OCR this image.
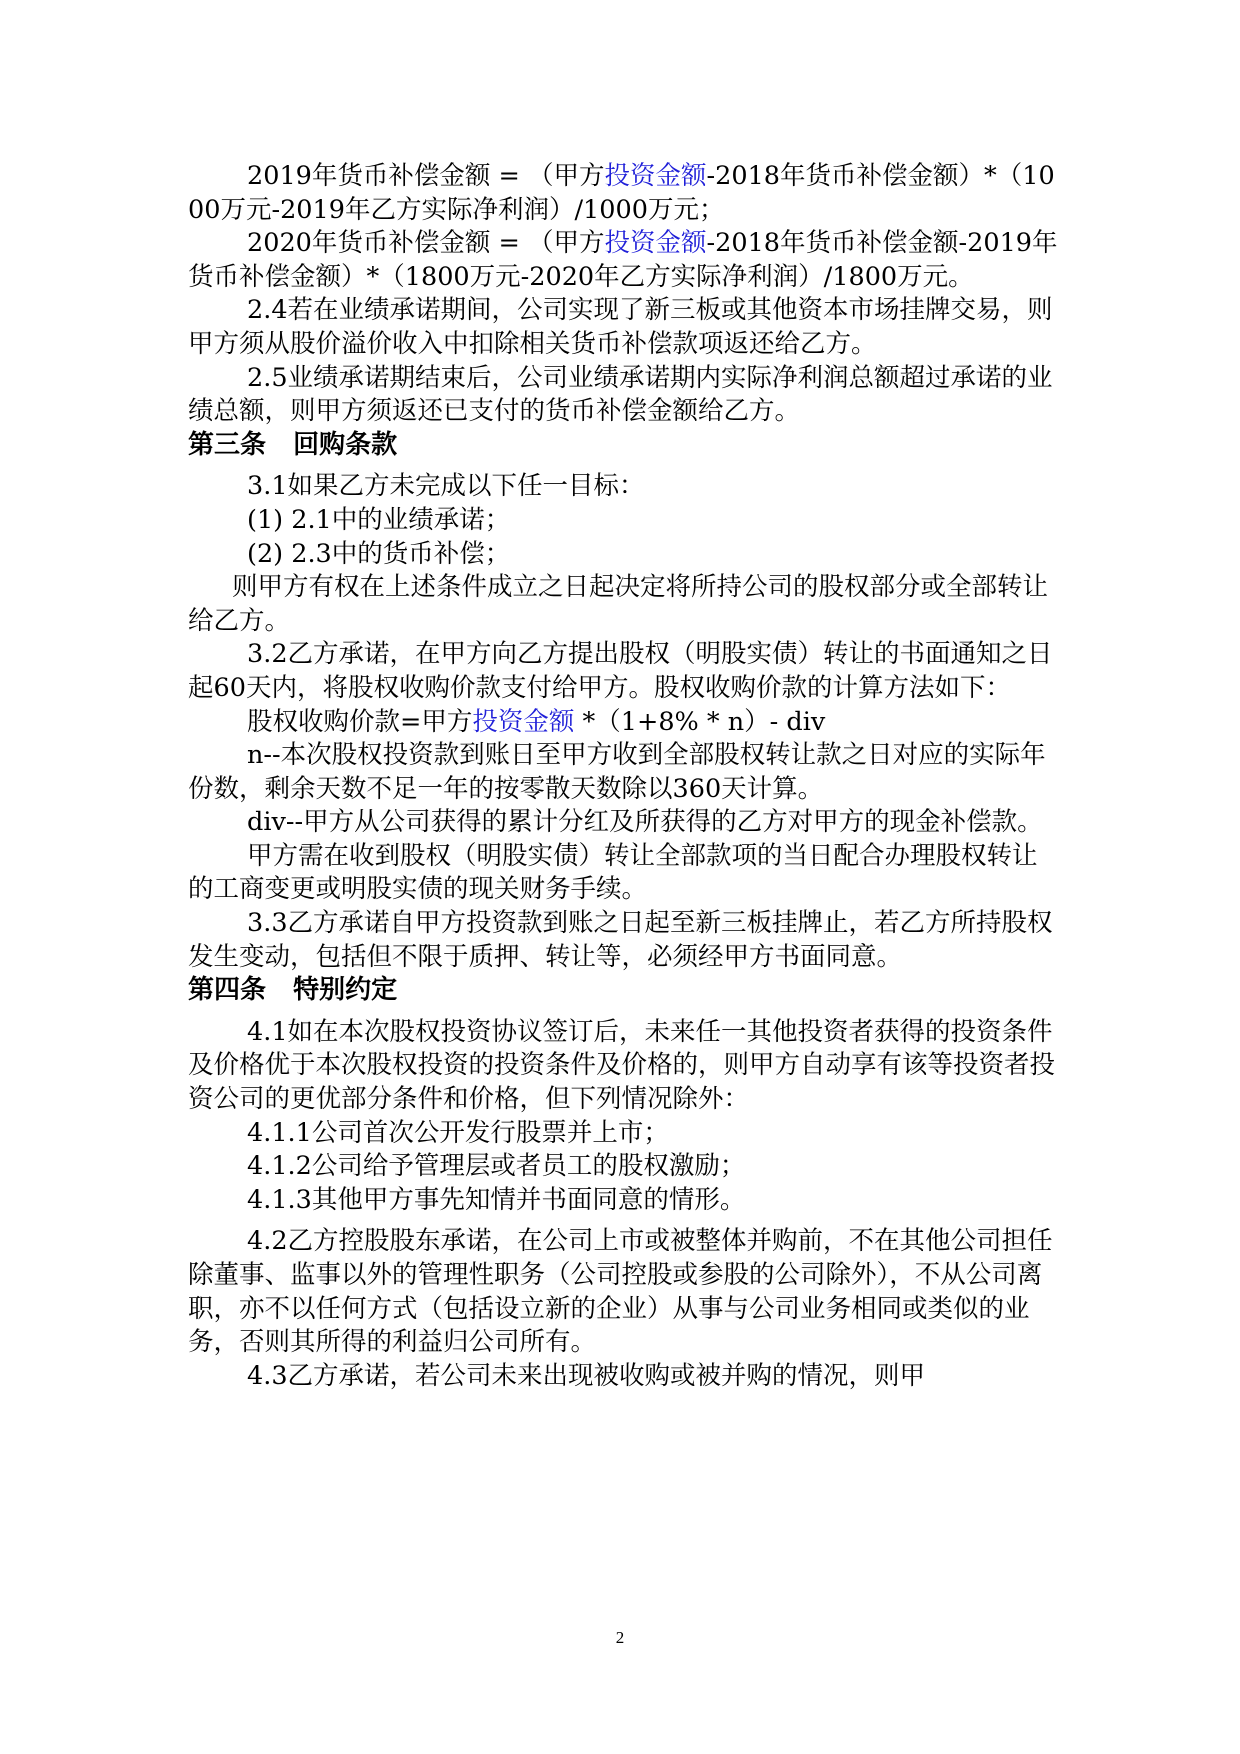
2019年货币补偿金额 = （甲方投资金额-2018年货币补偿金额）*（1000万元-2019年乙方实际净利润）/1000万元；

2020年货币补偿金额 = （甲方投资金额-2018年货币补偿金额-2019年货币补偿金额）*（1800万元-2020年乙方实际净利润）/1800万元。

2.4若在业绩承诺期间，公司实现了新三板或其他资本市场挂牌交易，则甲方须从股价溢价收入中扣除相关货币补偿款项返还给乙方。

2.5业绩承诺期结束后，公司业绩承诺期内实际净利润总额超过承诺的业绩总额，则甲方须返还已支付的货币补偿金额给乙方。

第三条   回购条款

3.1如果乙方未完成以下任一目标：

(1) 2.1中的业绩承诺；

(2) 2.3中的货币补偿；

则甲方有权在上述条件成立之日起决定将所持公司的股权部分或全部转让给乙方。

3.2乙方承诺，在甲方向乙方提出股权（明股实债）转让的书面通知之日起60天内，将股权收购价款支付给甲方。股权收购价款的计算方法如下：

股权收购价款=甲方投资金额 *（1+8% * n）- div

n--本次股权投资款到账日至甲方收到全部股权转让款之日对应的实际年份数，剩余天数不足一年的按零散天数除以360天计算。

div--甲方从公司获得的累计分红及所获得的乙方对甲方的现金补偿款。

甲方需在收到股权（明股实债）转让全部款项的当日配合办理股权转让的工商变更或明股实债的现关财务手续。

3.3乙方承诺自甲方投资款到账之日起至新三板挂牌止，若乙方所持股权发生变动，包括但不限于质押、转让等，必须经甲方书面同意。

第四条   特别约定

4.1如在本次股权投资协议签订后，未来任一其他投资者获得的投资条件及价格优于本次股权投资的投资条件及价格的，则甲方自动享有该等投资者投资公司的更优部分条件和价格，但下列情况除外：

4.1.1公司首次公开发行股票并上市；

4.1.2公司给予管理层或者员工的股权激励；

4.1.3其他甲方事先知情并书面同意的情形。

4.2乙方控股股东承诺，在公司上市或被整体并购前，不在其他公司担任除董事、监事以外的管理性职务（公司控股或参股的公司除外），不从公司离职，亦不以任何方式（包括设立新的企业）从事与公司业务相同或类似的业务，否则其所得的利益归公司所有。

4.3乙方承诺，若公司未来出现被收购或被并购的情况，则甲

2
